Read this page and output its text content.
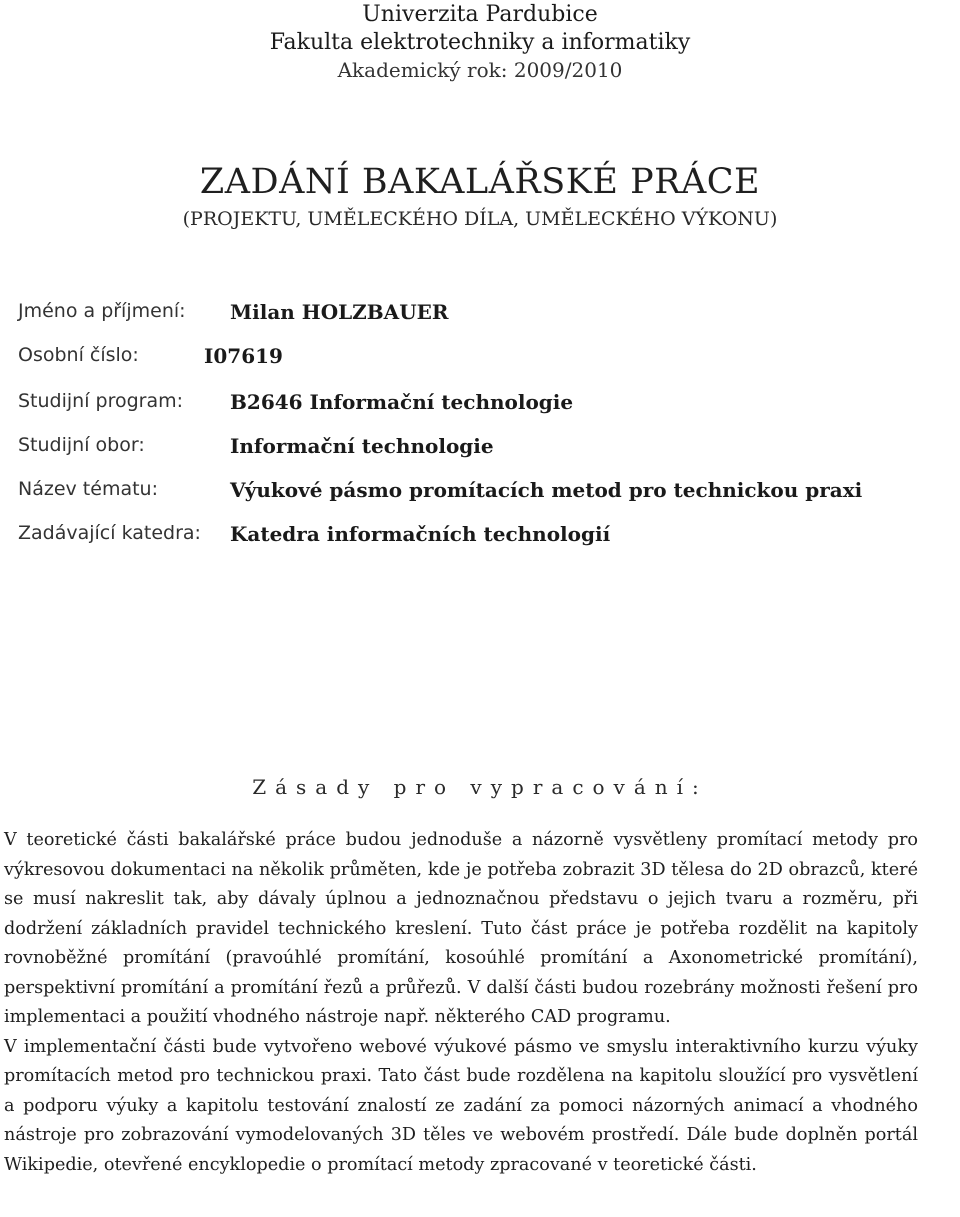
Univerzita Pardubice
Fakulta elektrotechniky a informatiky
Akademický rok: 2009/2010
ZADÁNÍ BAKALÁŘSKÉ PRÁCE
(PROJEKTU, UMĚLECKÉHO DÍLA, UMĚLECKÉHO VÝKONU)
Jméno a příjmení: Milan HOLZBAUER
Osobní číslo:	I07619
Studijní program: B2646 Informační technologie
Studijní obor:	Informační technologie
Název tématu:	Výukové pásmo promítacích metod pro technickou praxi
Zadávající katedra: Katedra informačních technologií
Zásady pro vypracování:

V teoretické části bakalářské práce budou jednoduše a názorně vysvětleny promítací metody pro výkresovou dokumentaci na několik průměten, kde je potřeba zobrazit 3D tělesa do 2D obrazců, které se musí nakreslit tak, aby dávaly úplnou a jednoznačnou představu o jejich tvaru a rozměru, při dodržení základních pravidel technického kreslení. Tuto část práce je potřeba rozdělit na kapitoly rovnoběžné promítání (pravoúhlé promítání, kosoúhlé promítání a Axonometrické promítání), perspektivní promítání a promítání řezů a průřezů. V další části budou rozebrány možnosti řešení pro implementaci a použití vhodného nástroje např. některého CAD programu.

V implementační části bude vytvořeno webové výukové pásmo ve smyslu interaktivního kurzu výuky promítacích metod pro technickou praxi. Tato část bude rozdělena na kapitolu sloužící pro vysvětlení a podporu výuky a kapitolu testování znalostí ze zadání za pomoci názorných animací a vhodného nástroje pro zobrazování vymodelovaných 3D těles ve webovém prostředí. Dále bude doplněn portál Wikipedie, otevřené encyklopedie o promítací metody zpracované v teoretické části.
